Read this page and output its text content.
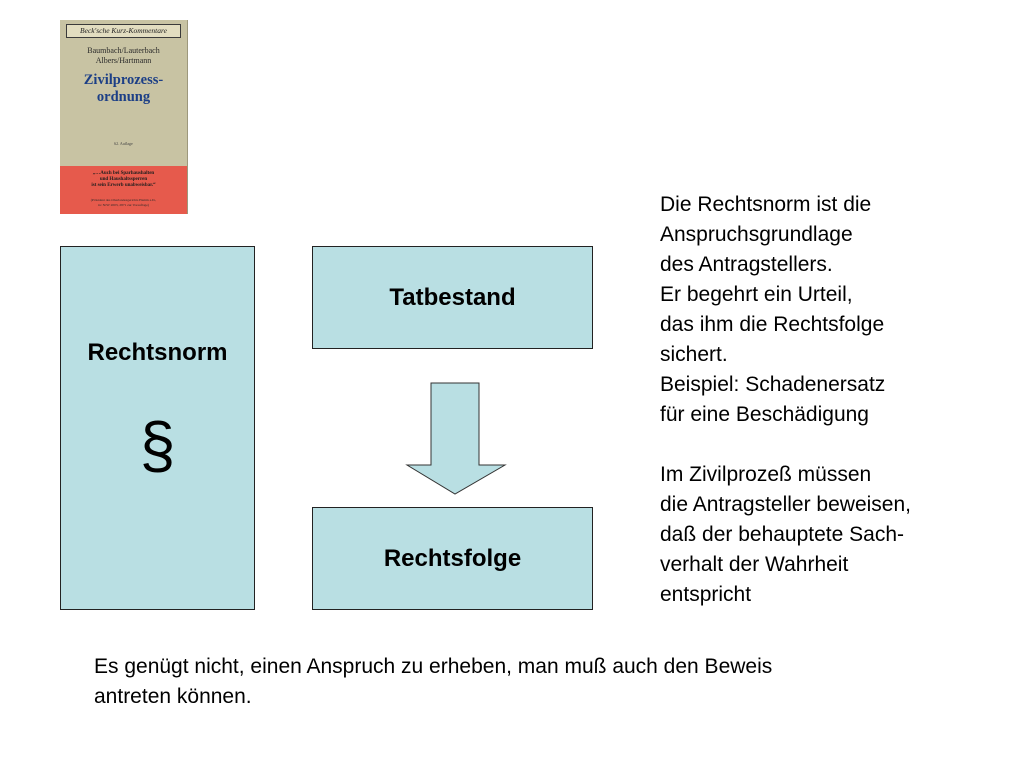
Beck'sche Kurz-Kommentare
Baumbach/Lauterbach
Albers/Hartmann
Zivilprozess-
ordnung
62. Auflage
„…Auch bei Sparhaushalten
und Haushaltssperren
ist sein Erwerb unabweisbar.“
(Präsident des Oberlandesgerichts Hamm a.D.,
in: NJW 2003, 2871 zur Vorauflage)
Rechtsnorm
§
Tatbestand
Rechtsfolge
Die Rechtsnorm ist die
Anspruchsgrundlage
des Antragstellers.
Er begehrt ein Urteil,
das ihm die Rechtsfolge
sichert.
Beispiel: Schadenersatz
für eine Beschädigung
Im Zivilprozeß müssen
die Antragsteller beweisen,
daß der behauptete Sach-
verhalt der Wahrheit
entspricht
Es genügt nicht, einen Anspruch zu erheben, man muß auch den Beweis
antreten können.
